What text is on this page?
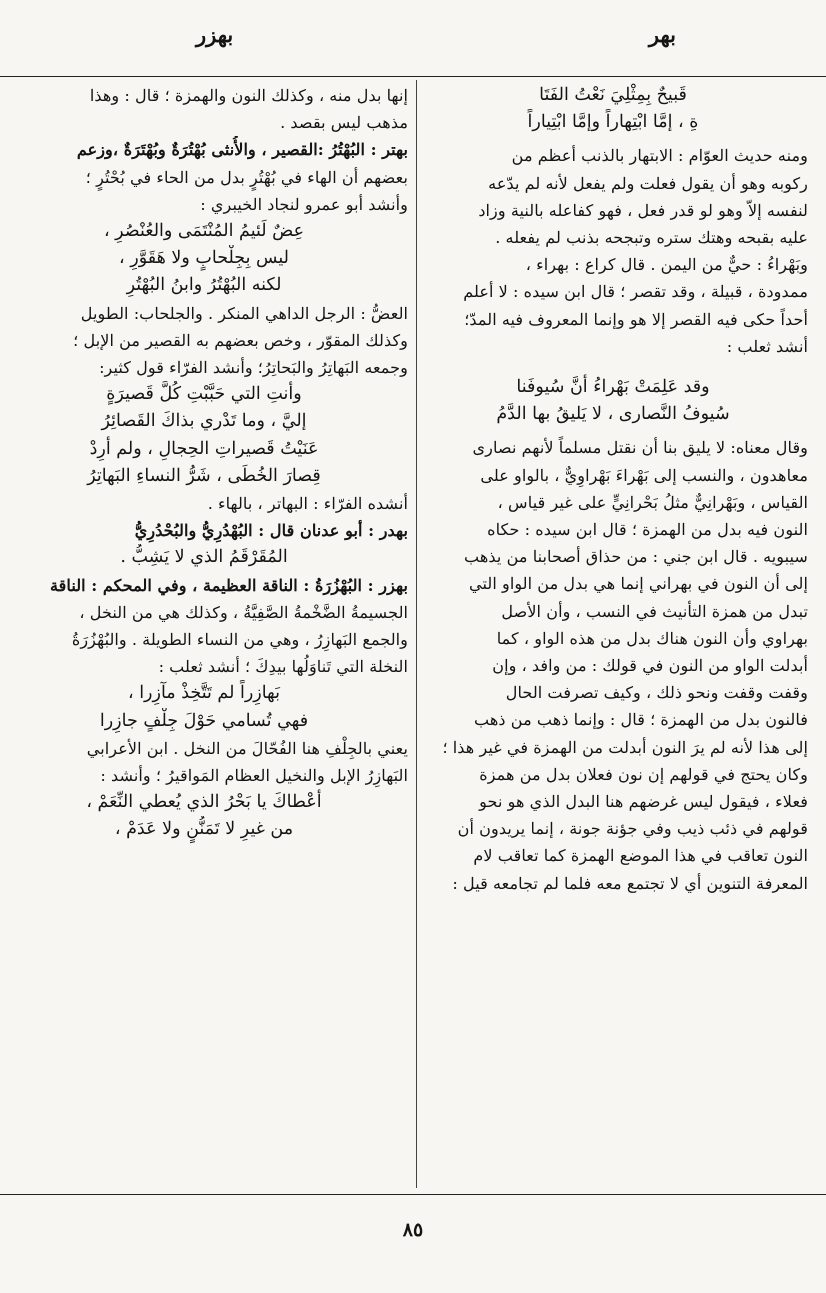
بهر
بهزر
قَبيحٌ بِمِثْلِيَ نَعْتُ الفَتَا
ةِ ، إمَّا ابْتِهاراً وإمَّا ابْتِياراً
ومنه حديث العوّام : الابتهار بالذنب أعظم من
ركوبه وهو أن يقول فعلت ولم يفعل لأنه لم يدّعه
لنفسه إلاّ وهو لو قدر فعل ، فهو كفاعله بالنية وزاد
عليه بقبحه وهتك ستره وتبجحه بذنب لم يفعله .
وبَهْراءُ : حيٌّ من اليمن . قال كراع : بهراء ،
ممدودة ، قبيلة ، وقد تقصر ؛ قال ابن سيده : لا أعلم
أحداً حكى فيه القصر إلا هو وإنما المعروف فيه المدّ؛
أنشد ثعلب :
وقد عَلِمَتْ بَهْراءُ أنَّ سُيوفَنا
سُيوفُ النَّصارى ، لا يَليقُ بها الدَّمُ
وقال معناه: لا يليق بنا أن نقتل مسلماً لأنهم نصارى
معاهدون ، والنسب إلى بَهْراءَ بَهْراوِيٌّ ، بالواو على
القياس ، وبَهْرانِيٌّ مثلُ بَحْرانِيٍّ على غير قياس ،
النون فيه بدل من الهمزة ؛ قال ابن سيده : حكاه
سيبويه . قال ابن جني : من حذاق أصحابنا من يذهب
إلى أن النون في بهراني إنما هي بدل من الواو التي
تبدل من همزة التأنيث في النسب ، وأن الأصل
بهراوي وأن النون هناك بدل من هذه الواو ، كما
أبدلت الواو من النون في قولك : من وافد ، وإن
وقفت وقفت ونحو ذلك ، وكيف تصرفت الحال
فالنون بدل من الهمزة ؛ قال : وإنما ذهب من ذهب
إلى هذا لأنه لم يرَ النون أبدلت من الهمزة في غير هذا ؛
وكان يحتج في قولهم إن نون فعلان بدل من همزة
فعلاء ، فيقول ليس غرضهم هنا البدل الذي هو نحو
قولهم في ذئب ذيب وفي جؤنة جونة ، إنما يريدون أن
النون تعاقب في هذا الموضع الهمزة كما تعاقب لام
المعرفة التنوين أي لا تجتمع معه فلما لم تجامعه قيل :
إنها بدل منه ، وكذلك النون والهمزة ؛ قال : وهذا
مذهب ليس بقصد .
بهتر : البُهْتُرُ :القصير ، والأُنثى بُهْتُرَةٌ وبُهْتَرَةٌ ،وزعم
بعضهم أن الهاء في بُهْتُرٍ بدل من الحاء في بُحْتُرٍ ؛
وأنشد أبو عمرو لنجاد الخيبري :
عِضٌ لَئيمُ المُنْتَمَى والعُنْصُرِ ،
ليس بِجِلْحابٍ ولا هَقَوَّرِ ،
لكنه البُهْتُرُ وابنُ البُهْتُرِ
العضُّ : الرجل الداهي المنكر . والجلحاب: الطويل
وكذلك المقوّر ، وخص بعضهم به القصير من الإبل ؛
وجمعه البَهاتِرُ والبَحاتِرُ؛ وأنشد الفرّاء قول كثير:
وأنتِ التي حَبَّبْتِ كُلَّ قَصيرَةٍ
إليَّ ، وما تَدْري بذاكَ القَصائِرُ
عَنَيْتُ قَصيراتِ الحِجالِ ، ولم أُرِدْ
قِصارَ الخُطَى ، شَرُّ النساءِ البَهاتِرُ
أنشده الفرّاء : البهاتر ، بالهاء .
بهدر : أبو عدنان قال : البُهْدُرِيُّ والبُحْدُرِيُّ
المُقَرْقَمُ الذي لا يَشِبُّ .
بهزر : البُهْزُرَةُ : الناقة العظيمة ، وفي المحكم : الناقة
الجسيمةُ الضَّخْمةُ الصَّفِيَّةُ ، وكذلك هي من النخل ،
والجمع البَهازِرُ ، وهي من النساء الطويلة . والبُهْزُرَةُ
النخلة التي تَناوَلُها بيدِكَ ؛ أنشد ثعلب :
بَهازِراً لم تَتَّخِذْ مآزِرا ،
فهي تُسامي حَوْلَ جِلْفٍ جازِرا
يعني بالجِلْفِ هنا الفُحّالَ من النخل . ابن الأعرابي
البَهازِرُ الإبل والنخيل العظام المَواقيرُ ؛ وأنشد :
أعْطاكَ يا بَحْرُ الذي يُعطي النِّعَمْ ،
من غيرِ لا تَمَنُّنٍ ولا عَدَمْ ،
٨٥
